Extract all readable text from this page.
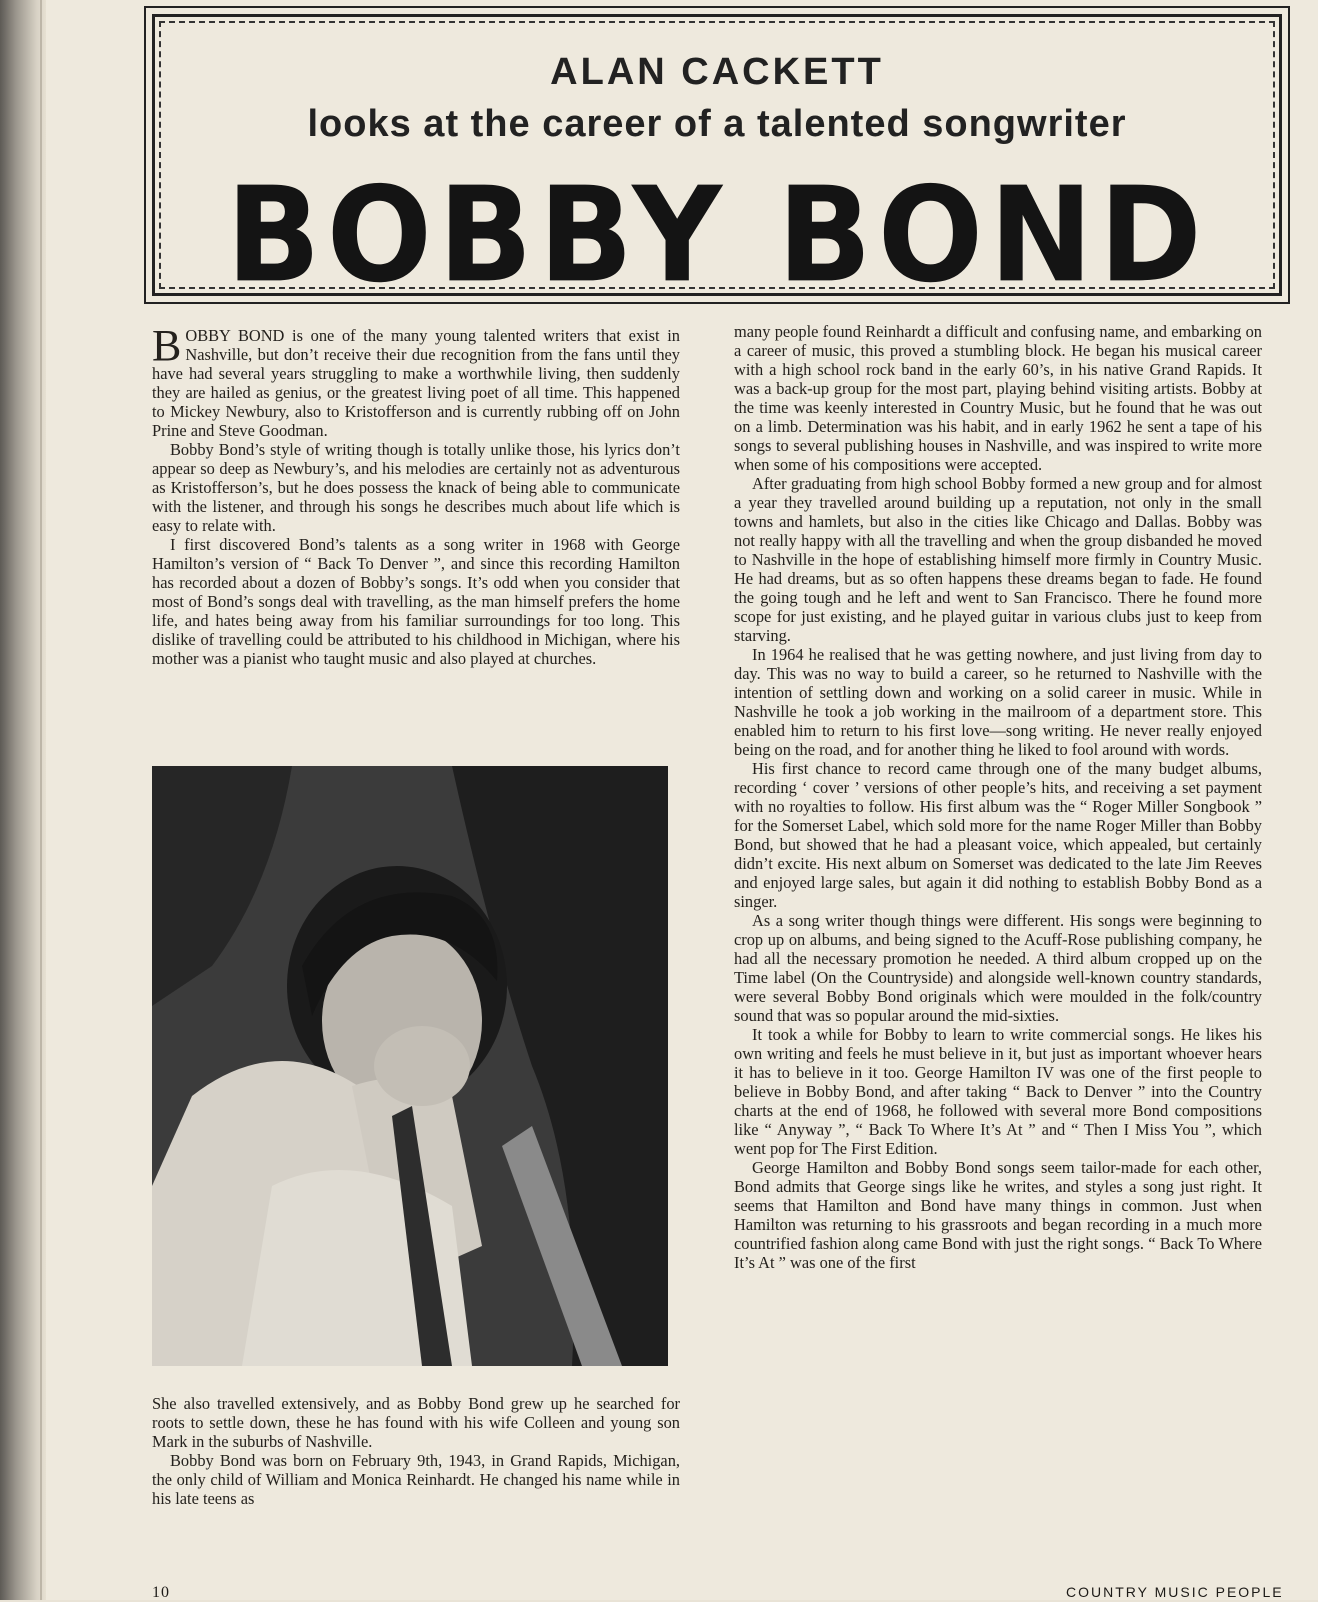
ALAN CACKETT
looks at the career of a talented songwriter
BOBBY BOND

BOBBY BOND is one of the many young talented writers that exist in Nashville, but don’t receive their due recognition from the fans until they have had several years struggling to make a worthwhile living, then suddenly they are hailed as genius, or the greatest living poet of all time. This happened to Mickey Newbury, also to Kristofferson and is currently rubbing off on John Prine and Steve Goodman.

Bobby Bond’s style of writing though is totally unlike those, his lyrics don’t appear so deep as Newbury’s, and his melodies are certainly not as adventurous as Kristofferson’s, but he does possess the knack of being able to communicate with the listener, and through his songs he describes much about life which is easy to relate with.

I first discovered Bond’s talents as a song writer in 1968 with George Hamilton’s version of “ Back To Denver ”, and since this recording Hamilton has recorded about a dozen of Bobby’s songs. It’s odd when you consider that most of Bond’s songs deal with travelling, as the man himself prefers the home life, and hates being away from his familiar surroundings for too long. This dislike of travelling could be attributed to his childhood in Michigan, where his mother was a pianist who taught music and also played at churches.

She also travelled extensively, and as Bobby Bond grew up he searched for roots to settle down, these he has found with his wife Colleen and young son Mark in the suburbs of Nashville.

Bobby Bond was born on February 9th, 1943, in Grand Rapids, Michigan, the only child of William and Monica Reinhardt. He changed his name while in his late teens as

many people found Reinhardt a difficult and confusing name, and embarking on a career of music, this proved a stumbling block. He began his musical career with a high school rock band in the early 60’s, in his native Grand Rapids. It was a back-up group for the most part, playing behind visiting artists. Bobby at the time was keenly interested in Country Music, but he found that he was out on a limb. Determination was his habit, and in early 1962 he sent a tape of his songs to several publishing houses in Nashville, and was inspired to write more when some of his compositions were accepted.

After graduating from high school Bobby formed a new group and for almost a year they travelled around building up a reputation, not only in the small towns and hamlets, but also in the cities like Chicago and Dallas. Bobby was not really happy with all the travelling and when the group disbanded he moved to Nashville in the hope of establishing himself more firmly in Country Music. He had dreams, but as so often happens these dreams began to fade. He found the going tough and he left and went to San Francisco. There he found more scope for just existing, and he played guitar in various clubs just to keep from starving.

In 1964 he realised that he was getting nowhere, and just living from day to day. This was no way to build a career, so he returned to Nashville with the intention of settling down and working on a solid career in music. While in Nashville he took a job working in the mailroom of a department store. This enabled him to return to his first love—song writing. He never really enjoyed being on the road, and for another thing he liked to fool around with words.

His first chance to record came through one of the many budget albums, recording ‘ cover ’ versions of other people’s hits, and receiving a set payment with no royalties to follow. His first album was the “ Roger Miller Songbook ” for the Somerset Label, which sold more for the name Roger Miller than Bobby Bond, but showed that he had a pleasant voice, which appealed, but certainly didn’t excite. His next album on Somerset was dedicated to the late Jim Reeves and enjoyed large sales, but again it did nothing to establish Bobby Bond as a singer.

As a song writer though things were different. His songs were beginning to crop up on albums, and being signed to the Acuff-Rose publishing company, he had all the necessary promotion he needed. A third album cropped up on the Time label (On the Countryside) and alongside well-known country standards, were several Bobby Bond originals which were moulded in the folk/country sound that was so popular around the mid-sixties.

It took a while for Bobby to learn to write commercial songs. He likes his own writing and feels he must believe in it, but just as important whoever hears it has to believe in it too. George Hamilton IV was one of the first people to believe in Bobby Bond, and after taking “ Back to Denver ” into the Country charts at the end of 1968, he followed with several more Bond compositions like “ Anyway ”, “ Back To Where It’s At ” and “ Then I Miss You ”, which went pop for The First Edition.

George Hamilton and Bobby Bond songs seem tailor-made for each other, Bond admits that George sings like he writes, and styles a song just right. It seems that Hamilton and Bond have many things in common. Just when Hamilton was returning to his grassroots and began recording in a much more countrified fashion along came Bond with just the right songs. “ Back To Where It’s At ” was one of the first

10	COUNTRY MUSIC PEOPLE
